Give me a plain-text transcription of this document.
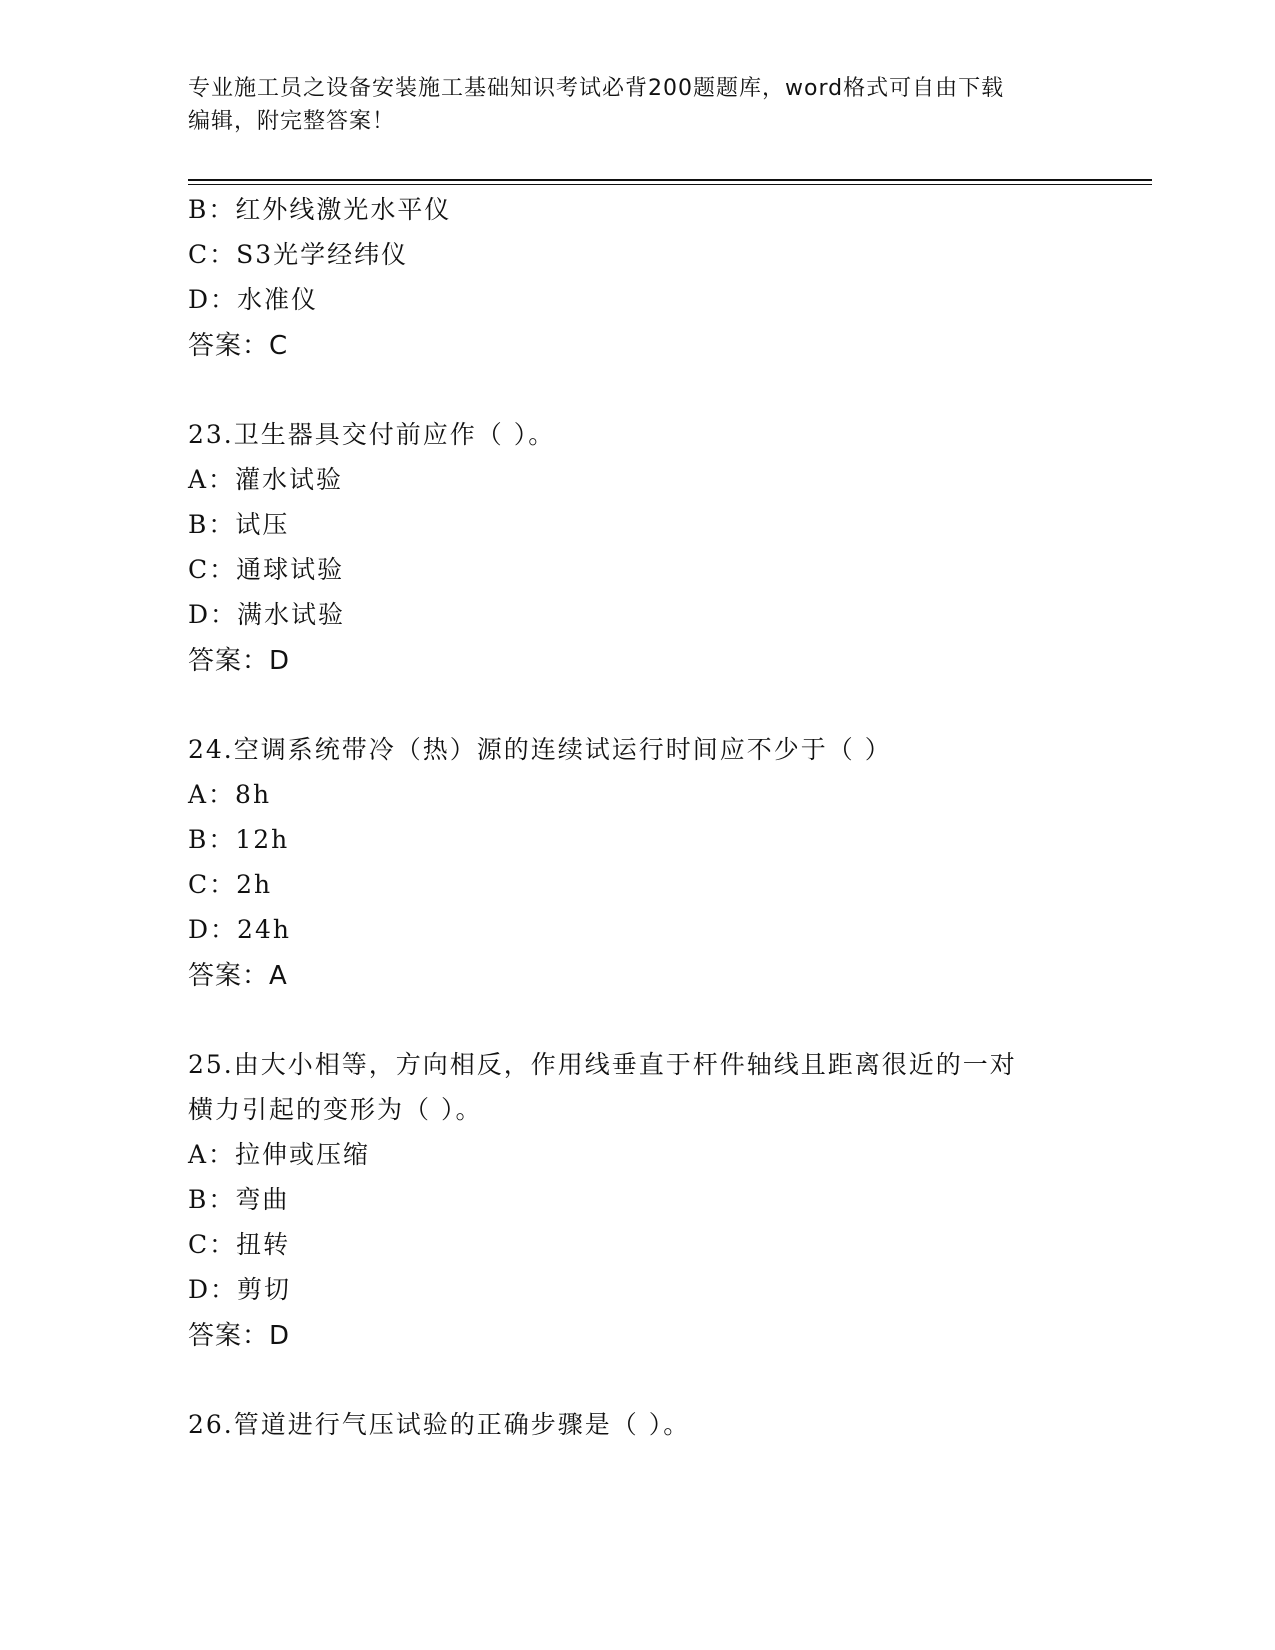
专业施工员之设备安装施工基础知识考试必背200题题库，word格式可自由下载
编辑，附完整答案！
B：红外线激光水平仪
C：S3光学经纬仪
D：水准仪
答案：C
23.卫生器具交付前应作（ ）。
A：灌水试验
B：试压
C：通球试验
D：满水试验
答案：D
24.空调系统带冷（热）源的连续试运行时间应不少于（ ）
A：8h
B：12h
C：2h
D：24h
答案：A
25.由大小相等，方向相反，作用线垂直于杆件轴线且距离很近的一对
横力引起的变形为（ ）。
A：拉伸或压缩
B：弯曲
C：扭转
D：剪切
答案：D
26.管道进行气压试验的正确步骤是（ ）。
